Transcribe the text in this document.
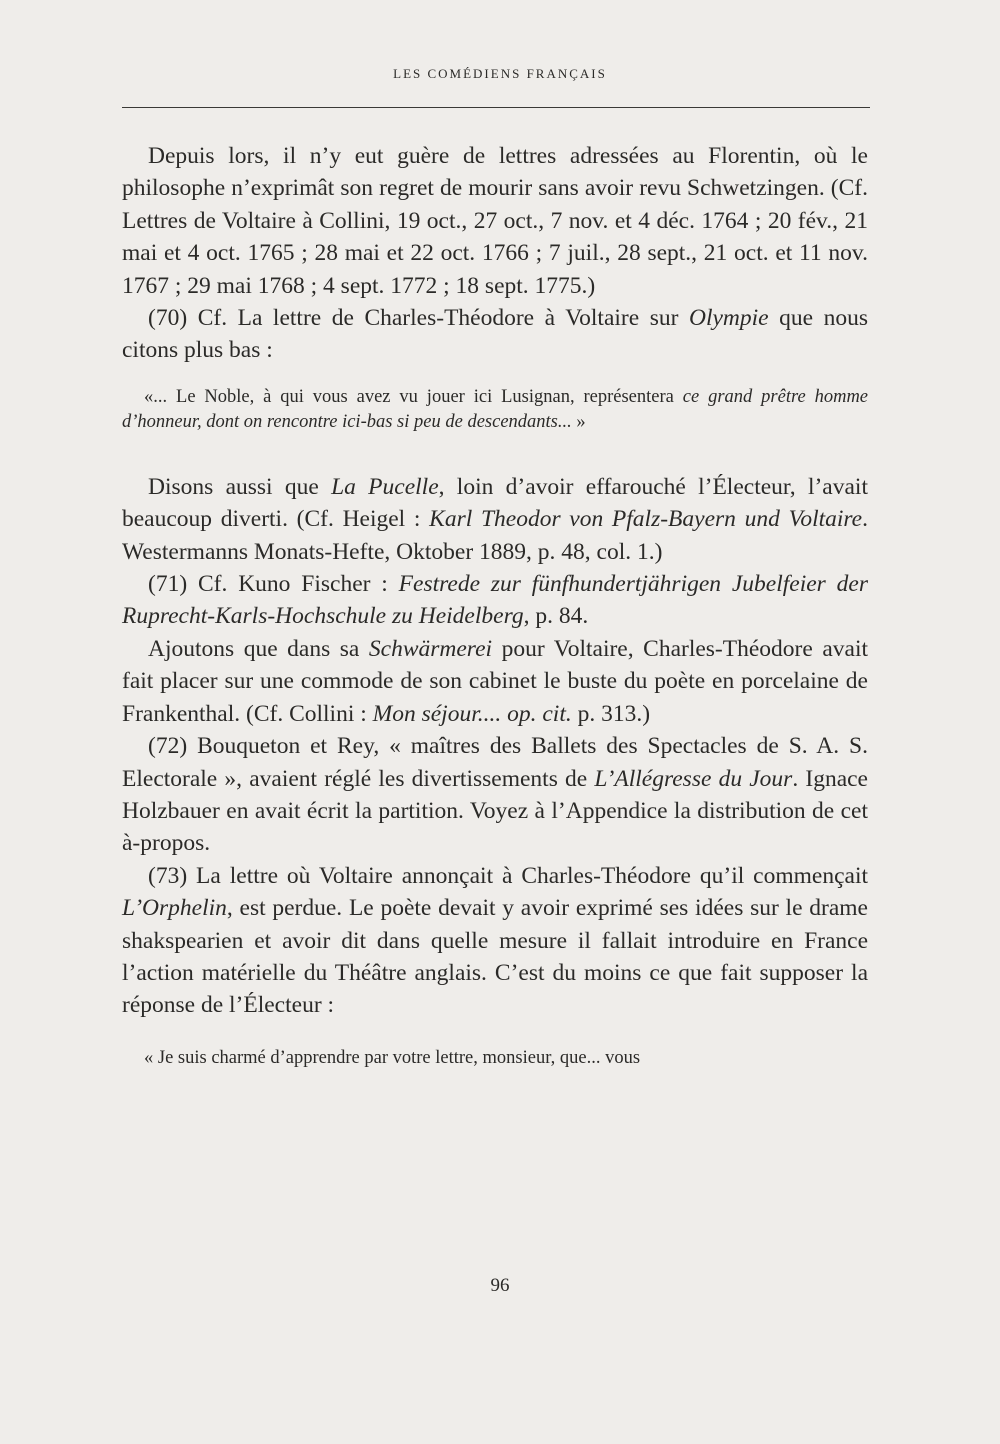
LES COMÉDIENS FRANÇAIS

Depuis lors, il n’y eut guère de lettres adressées au Florentin, où le philosophe n’exprimât son regret de mourir sans avoir revu Schwetzingen. (Cf. Lettres de Voltaire à Collini, 19 oct., 27 oct., 7 nov. et 4 déc. 1764 ; 20 fév., 21 mai et 4 oct. 1765 ; 28 mai et 22 oct. 1766 ; 7 juil., 28 sept., 21 oct. et 11 nov. 1767 ; 29 mai 1768 ; 4 sept. 1772 ; 18 sept. 1775.)

(70) Cf. La lettre de Charles-Théodore à Voltaire sur Olympie que nous citons plus bas :

«... Le Noble, à qui vous avez vu jouer ici Lusignan, représentera ce grand prêtre homme d’honneur, dont on rencontre ici-bas si peu de descendants... »

Disons aussi que La Pucelle, loin d’avoir effarouché l’Électeur, l’avait beaucoup diverti. (Cf. Heigel : Karl Theodor von Pfalz-Bayern und Voltaire. Westermanns Monats-Hefte, Oktober 1889, p. 48, col. 1.)

(71) Cf. Kuno Fischer : Festrede zur fünfhundertjährigen Jubelfeier der Ruprecht-Karls-Hochschule zu Heidelberg, p. 84.

Ajoutons que dans sa Schwärmerei pour Voltaire, Charles-Théodore avait fait placer sur une commode de son cabinet le buste du poète en porcelaine de Frankenthal. (Cf. Collini : Mon séjour.... op. cit. p. 313.)

(72) Bouqueton et Rey, « maîtres des Ballets des Spectacles de S. A. S. Electorale », avaient réglé les divertissements de L’Allégresse du Jour. Ignace Holzbauer en avait écrit la partition. Voyez à l’Appendice la distribution de cet à-propos.

(73) La lettre où Voltaire annonçait à Charles-Théodore qu’il commençait L’Orphelin, est perdue. Le poète devait y avoir exprimé ses idées sur le drame shakspearien et avoir dit dans quelle mesure il fallait introduire en France l’action matérielle du Théâtre anglais. C’est du moins ce que fait supposer la réponse de l’Électeur :

« Je suis charmé d’apprendre par votre lettre, monsieur, que... vous

96
